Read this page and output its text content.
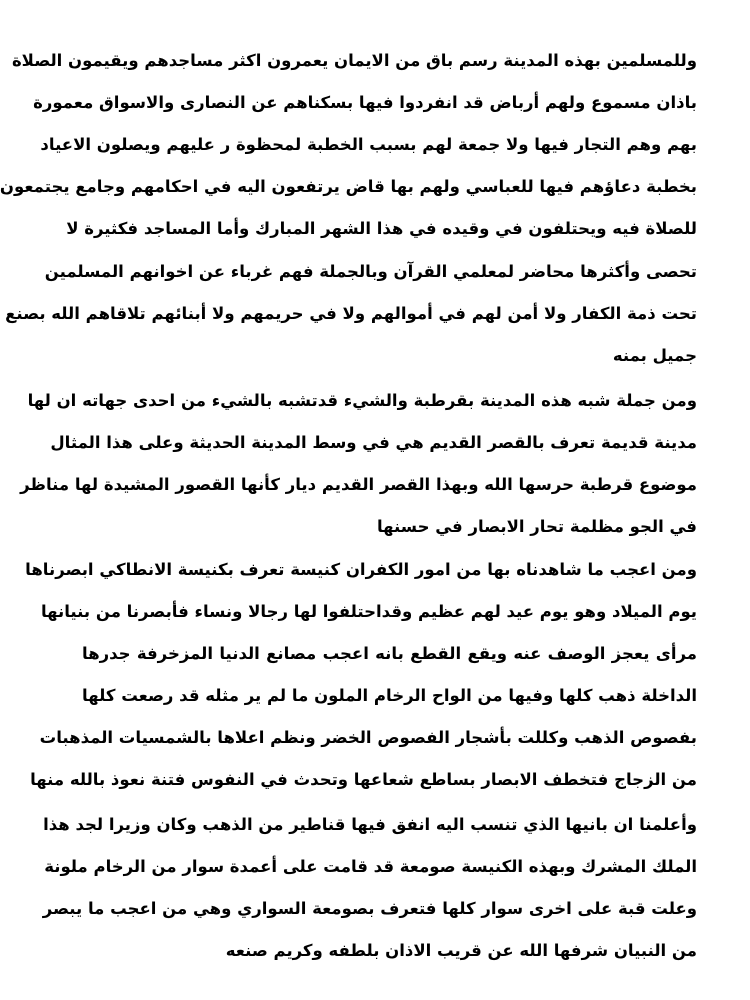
وللمسلمين بهذه المدينة رسم باق من الايمان يعمرون اكثر مساجدهم ويقيمون الصلاة
باذان مسموع ولهم أرباض قد انفردوا فيها بسكناهم عن النصارى والاسواق معمورة
بهم وهم التجار فيها ولا جمعة لهم بسبب الخطبة لمحظوة ر عليهم ويصلون الاعياد
بخطبة دعاؤهم فيها للعباسي ولهم بها قاض يرتفعون اليه في احكامهم وجامع يجتمعون
للصلاة فيه ويحتلفون في وقيده في هذا الشهر المبارك وأما المساجد فكثيرة لا
تحصى وأكثرها محاضر لمعلمي القرآن وبالجملة فهم غرباء عن اخوانهم المسلمين
تحت ذمة الكفار ولا أمن لهم في أموالهم ولا في حريمهم ولا أبنائهم تلاقاهم الله بصنع
جميل بمنه
ومن جملة شبه هذه المدينة بقرطبة والشيء قدتشبه بالشيء من احدى جهاته ان لها
مدينة قديمة تعرف بالقصر القديم هي في وسط المدينة الحديثة وعلى هذا المثال
موضوع قرطبة حرسها الله وبهذا القصر القديم ديار كأنها القصور المشيدة لها مناظر
في الجو مظلمة تحار الابصار في حسنها
ومن اعجب ما شاهدناه بها من امور الكفران كنيسة تعرف بكنيسة الانطاكي ابصرناها
يوم الميلاد وهو يوم عيد لهم عظيم وقداحتلفوا لها رجالا ونساء فأبصرنا من بنيانها
مرأى يعجز الوصف عنه ويقع القطع بانه اعجب مصانع الدنيا المزخرفة جدرها
الداخلة ذهب كلها وفيها من الواح الرخام الملون ما لم ير مثله قد رصعت كلها
بفصوص الذهب وكللت بأشجار الفصوص الخضر ونظم اعلاها بالشمسيات المذهبات
من الزجاج فتخطف الابصار بساطع شعاعها وتحدث في النفوس فتنة نعوذ بالله منها
وأعلمنا ان بانيها الذي تنسب اليه انفق فيها قناطير من الذهب وكان وزيرا لجد هذا
الملك المشرك وبهذه الكنيسة صومعة قد قامت على أعمدة سوار من الرخام ملونة
وعلت قبة على اخرى سوار كلها فتعرف بصومعة السواري وهي من اعجب ما يبصر
من النبيان شرفها الله عن قريب الاذان بلطفه وكريم صنعه
